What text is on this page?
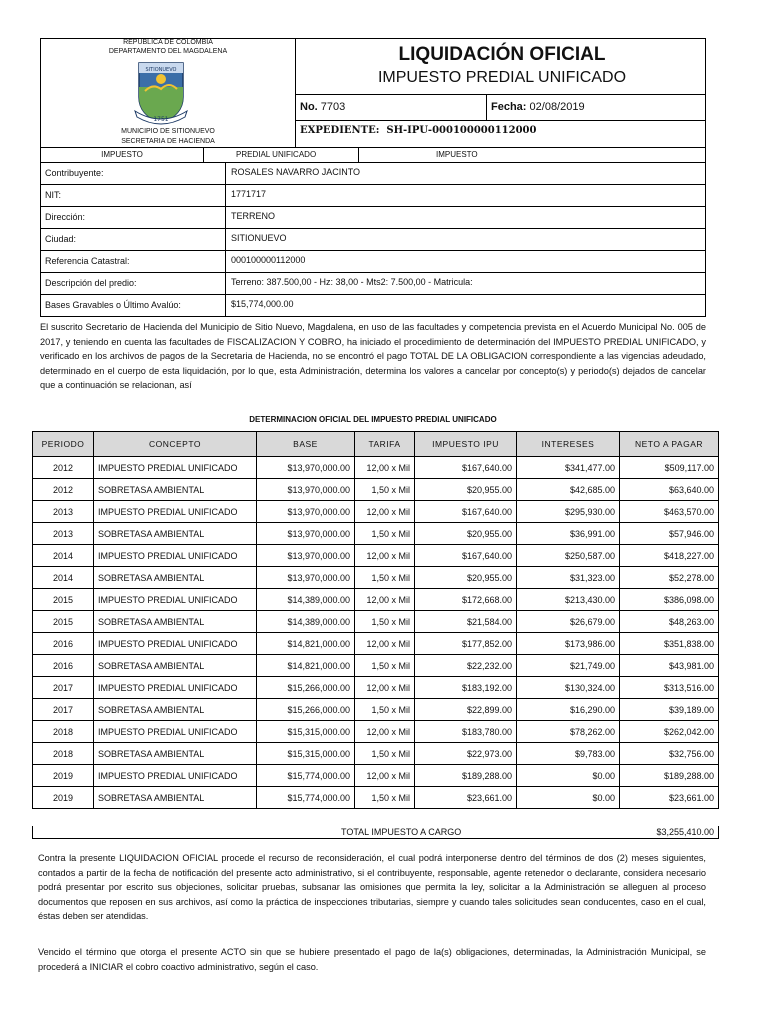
REPUBLICA DE COLOMBIA
DEPARTAMENTO DEL MAGDALENA
SITIONUEVO
1751
MUNICIPIO DE SITIONUEVO
SECRETARIA DE HACIENDA
LIQUIDACIÓN OFICIAL
IMPUESTO PREDIAL UNIFICADO
No. 7703	Fecha: 02/08/2019
EXPEDIENTE: SH-IPU-000100000112000
IMPUESTO	PREDIAL UNIFICADO	IMPUESTO
Contribuyente:	ROSALES NAVARRO JACINTO
NIT:	1771717
Dirección:	TERRENO
Ciudad:	SITIONUEVO
Referencia Catastral:	000100000112000
Descripción del predio:	Terreno: 387.500,00 - Hz: 38,00 - Mts2: 7.500,00 - Matricula:
Bases Gravables o Último Avalúo:	$15,774,000.00
El suscrito Secretario de Hacienda del Municipio de Sitio Nuevo, Magdalena, en uso de las facultades y competencia prevista en el Acuerdo Municipal No. 005 de 2017, y teniendo en cuenta las facultades de FISCALIZACION Y COBRO, ha iniciado el procedimiento de determinación del IMPUESTO PREDIAL UNIFICADO, y verificado en los archivos de pagos de la Secretaria de Hacienda, no se encontró el pago TOTAL DE LA OBLIGACION correspondiente a las vigencias adeudado, determinado en el cuerpo de esta liquidación, por lo que, esta Administración, determina los valores a cancelar por concepto(s) y periodo(s) dejados de cancelar que a continuación se relacionan, así
DETERMINACION OFICIAL DEL IMPUESTO PREDIAL UNIFICADO
PERIODO	CONCEPTO	BASE	TARIFA	IMPUESTO IPU	INTERESES	NETO A PAGAR
2012	IMPUESTO PREDIAL UNIFICADO	$13,970,000.00	12,00 x Mil	$167,640.00	$341,477.00	$509,117.00
2012	SOBRETASA AMBIENTAL	$13,970,000.00	1,50 x Mil	$20,955.00	$42,685.00	$63,640.00
2013	IMPUESTO PREDIAL UNIFICADO	$13,970,000.00	12,00 x Mil	$167,640.00	$295,930.00	$463,570.00
2013	SOBRETASA AMBIENTAL	$13,970,000.00	1,50 x Mil	$20,955.00	$36,991.00	$57,946.00
2014	IMPUESTO PREDIAL UNIFICADO	$13,970,000.00	12,00 x Mil	$167,640.00	$250,587.00	$418,227.00
2014	SOBRETASA AMBIENTAL	$13,970,000.00	1,50 x Mil	$20,955.00	$31,323.00	$52,278.00
2015	IMPUESTO PREDIAL UNIFICADO	$14,389,000.00	12,00 x Mil	$172,668.00	$213,430.00	$386,098.00
2015	SOBRETASA AMBIENTAL	$14,389,000.00	1,50 x Mil	$21,584.00	$26,679.00	$48,263.00
2016	IMPUESTO PREDIAL UNIFICADO	$14,821,000.00	12,00 x Mil	$177,852.00	$173,986.00	$351,838.00
2016	SOBRETASA AMBIENTAL	$14,821,000.00	1,50 x Mil	$22,232.00	$21,749.00	$43,981.00
2017	IMPUESTO PREDIAL UNIFICADO	$15,266,000.00	12,00 x Mil	$183,192.00	$130,324.00	$313,516.00
2017	SOBRETASA AMBIENTAL	$15,266,000.00	1,50 x Mil	$22,899.00	$16,290.00	$39,189.00
2018	IMPUESTO PREDIAL UNIFICADO	$15,315,000.00	12,00 x Mil	$183,780.00	$78,262.00	$262,042.00
2018	SOBRETASA AMBIENTAL	$15,315,000.00	1,50 x Mil	$22,973.00	$9,783.00	$32,756.00
2019	IMPUESTO PREDIAL UNIFICADO	$15,774,000.00	12,00 x Mil	$189,288.00	$0.00	$189,288.00
2019	SOBRETASA AMBIENTAL	$15,774,000.00	1,50 x Mil	$23,661.00	$0.00	$23,661.00
TOTAL IMPUESTO A CARGO	$3,255,410.00
Contra la presente LIQUIDACION OFICIAL procede el recurso de reconsideración, el cual podrá interponerse dentro del términos de dos (2) meses siguientes, contados a partir de la fecha de notificación del presente acto administrativo, si el contribuyente, responsable, agente retenedor o declarante, considera necesario podrá presentar por escrito sus objeciones, solicitar pruebas, subsanar las omisiones que permita la ley, solicitar a la Administración se alleguen al proceso documentos que reposen en sus archivos, así como la práctica de inspecciones tributarias, siempre y cuando tales solicitudes sean conducentes, caso en el cual, éstas deben ser atendidas.
Vencido el término que otorga el presente ACTO sin que se hubiere presentado el pago de la(s) obligaciones, determinadas, la Administración Municipal, se procederá a INICIAR el cobro coactivo administrativo, según el caso.
